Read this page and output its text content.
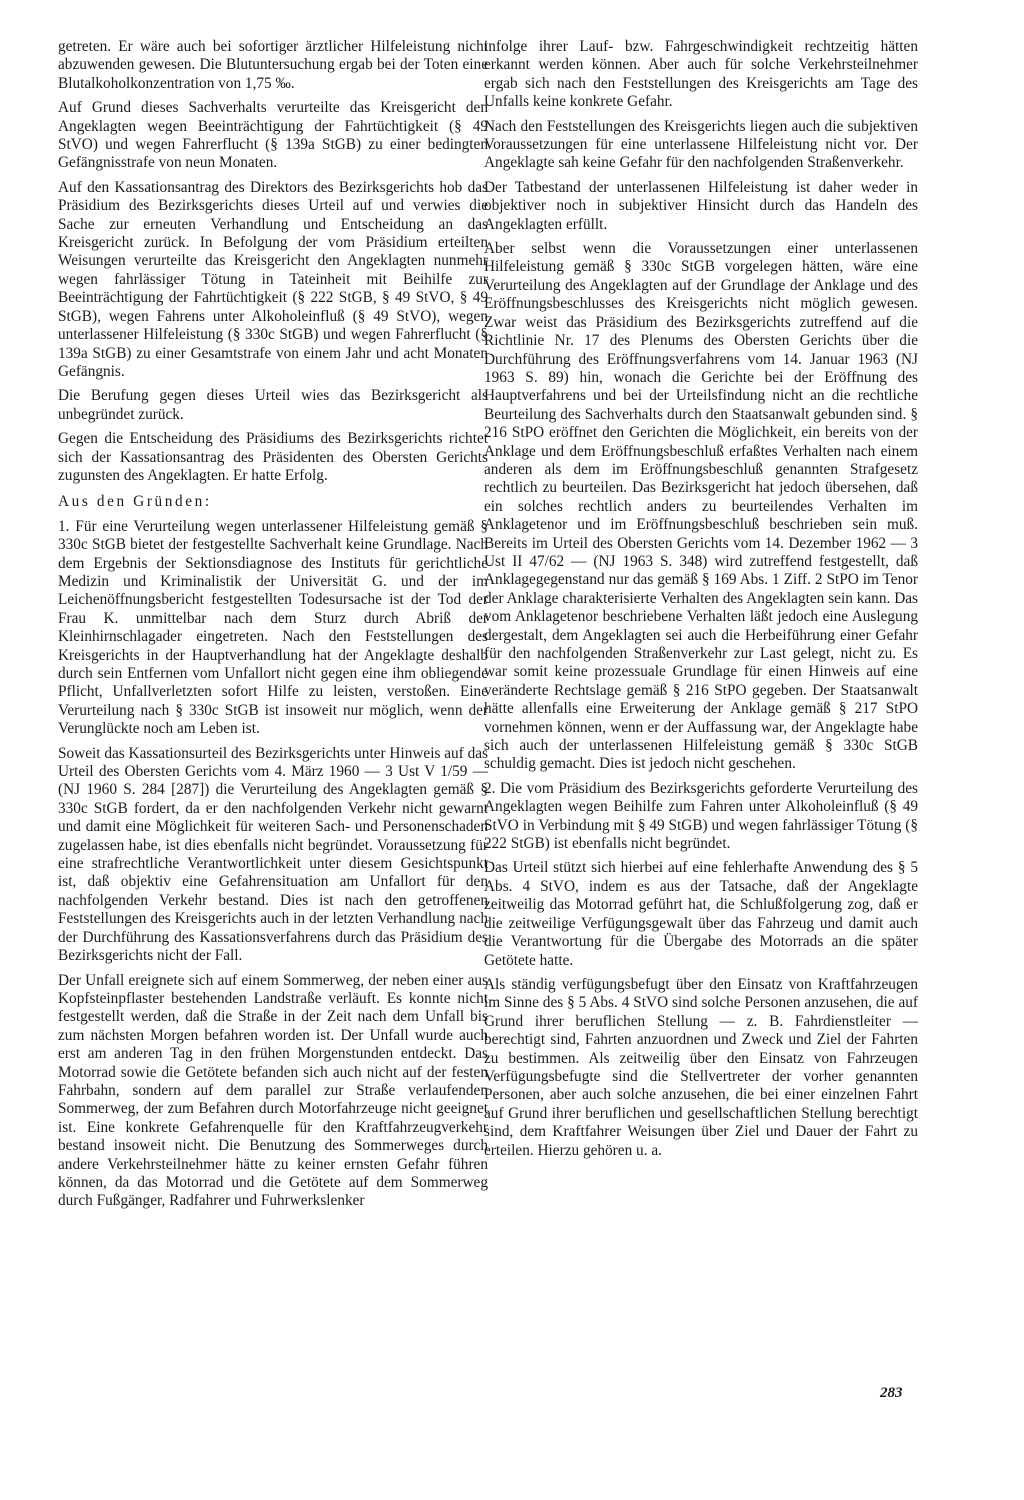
getreten. Er wäre auch bei sofortiger ärztlicher Hilfeleistung nicht abzuwenden gewesen. Die Blutuntersuchung ergab bei der Toten eine Blutalkoholkonzentration von 1,75 ‰.

Auf Grund dieses Sachverhalts verurteilte das Kreisgericht den Angeklagten wegen Beeinträchtigung der Fahrtüchtigkeit (§ 49 StVO) und wegen Fahrerflucht (§ 139a StGB) zu einer bedingten Gefängnisstrafe von neun Monaten.

Auf den Kassationsantrag des Direktors des Bezirksgerichts hob das Präsidium des Bezirksgerichts dieses Urteil auf und verwies die Sache zur erneuten Verhandlung und Entscheidung an das Kreisgericht zurück. In Befolgung der vom Präsidium erteilten Weisungen verurteilte das Kreisgericht den Angeklagten nunmehr wegen fahrlässiger Tötung in Tateinheit mit Beihilfe zur Beeinträchtigung der Fahrtüchtigkeit (§ 222 StGB, § 49 StVO, § 49 StGB), wegen Fahrens unter Alkoholeinfluß (§ 49 StVO), wegen unterlassener Hilfeleistung (§ 330c StGB) und wegen Fahrerflucht (§ 139a StGB) zu einer Gesamtstrafe von einem Jahr und acht Monaten Gefängnis.

Die Berufung gegen dieses Urteil wies das Bezirksgericht als unbegründet zurück.

Gegen die Entscheidung des Präsidiums des Bezirksgerichts richtet sich der Kassationsantrag des Präsidenten des Obersten Gerichts zugunsten des Angeklagten. Er hatte Erfolg.

Aus den Gründen:

1. Für eine Verurteilung wegen unterlassener Hilfeleistung gemäß § 330c StGB bietet der festgestellte Sachverhalt keine Grundlage. Nach dem Ergebnis der Sektionsdiagnose des Instituts für gerichtliche Medizin und Kriminalistik der Universität G. und der im Leichenöffnungsbericht festgestellten Todesursache ist der Tod der Frau K. unmittelbar nach dem Sturz durch Abriß der Kleinhirnschlagader eingetreten. Nach den Feststellungen des Kreisgerichts in der Hauptverhandlung hat der Angeklagte deshalb durch sein Entfernen vom Unfallort nicht gegen eine ihm obliegende Pflicht, Unfallverletzten sofort Hilfe zu leisten, verstoßen. Eine Verurteilung nach § 330c StGB ist insoweit nur möglich, wenn der Verunglückte noch am Leben ist.

Soweit das Kassationsurteil des Bezirksgerichts unter Hinweis auf das Urteil des Obersten Gerichts vom 4. März 1960 — 3 Ust V 1/59 — (NJ 1960 S. 284 [287]) die Verurteilung des Angeklagten gemäß § 330c StGB fordert, da er den nachfolgenden Verkehr nicht gewarnt und damit eine Möglichkeit für weiteren Sach- und Personenschaden zugelassen habe, ist dies ebenfalls nicht begründet. Voraussetzung für eine strafrechtliche Verantwortlichkeit unter diesem Gesichtspunkt ist, daß objektiv eine Gefahrensituation am Unfallort für den nachfolgenden Verkehr bestand. Dies ist nach den getroffenen Feststellungen des Kreisgerichts auch in der letzten Verhandlung nach der Durchführung des Kassationsverfahrens durch das Präsidium des Bezirksgerichts nicht der Fall.

Der Unfall ereignete sich auf einem Sommerweg, der neben einer aus Kopfsteinpflaster bestehenden Landstraße verläuft. Es konnte nicht festgestellt werden, daß die Straße in der Zeit nach dem Unfall bis zum nächsten Morgen befahren worden ist. Der Unfall wurde auch erst am anderen Tag in den frühen Morgenstunden entdeckt. Das Motorrad sowie die Getötete befanden sich auch nicht auf der festen Fahrbahn, sondern auf dem parallel zur Straße verlaufenden Sommerweg, der zum Befahren durch Motorfahrzeuge nicht geeignet ist. Eine konkrete Gefahrenquelle für den Kraftfahrzeugverkehr bestand insoweit nicht. Die Benutzung des Sommerweges durch andere Verkehrsteilnehmer hätte zu keiner ernsten Gefahr führen können, da das Motorrad und die Getötete auf dem Sommerweg durch Fußgänger, Radfahrer und Fuhrwerkslenker

infolge ihrer Lauf- bzw. Fahrgeschwindigkeit rechtzeitig hätten erkannt werden können. Aber auch für solche Verkehrsteilnehmer ergab sich nach den Feststellungen des Kreisgerichts am Tage des Unfalls keine konkrete Gefahr.

Nach den Feststellungen des Kreisgerichts liegen auch die subjektiven Voraussetzungen für eine unterlassene Hilfeleistung nicht vor. Der Angeklagte sah keine Gefahr für den nachfolgenden Straßenverkehr.

Der Tatbestand der unterlassenen Hilfeleistung ist daher weder in objektiver noch in subjektiver Hinsicht durch das Handeln des Angeklagten erfüllt.

Aber selbst wenn die Voraussetzungen einer unterlassenen Hilfeleistung gemäß § 330c StGB vorgelegen hätten, wäre eine Verurteilung des Angeklagten auf der Grundlage der Anklage und des Eröffnungsbeschlusses des Kreisgerichts nicht möglich gewesen. Zwar weist das Präsidium des Bezirksgerichts zutreffend auf die Richtlinie Nr. 17 des Plenums des Obersten Gerichts über die Durchführung des Eröffnungsverfahrens vom 14. Januar 1963 (NJ 1963 S. 89) hin, wonach die Gerichte bei der Eröffnung des Hauptverfahrens und bei der Urteilsfindung nicht an die rechtliche Beurteilung des Sachverhalts durch den Staatsanwalt gebunden sind. § 216 StPO eröffnet den Gerichten die Möglichkeit, ein bereits von der Anklage und dem Eröffnungsbeschluß erfaßtes Verhalten nach einem anderen als dem im Eröffnungsbeschluß genannten Strafgesetz rechtlich zu beurteilen. Das Bezirksgericht hat jedoch übersehen, daß ein solches rechtlich anders zu beurteilendes Verhalten im Anklagetenor und im Eröffnungsbeschluß beschrieben sein muß. Bereits im Urteil des Obersten Gerichts vom 14. Dezember 1962 — 3 Ust II 47/62 — (NJ 1963 S. 348) wird zutreffend festgestellt, daß Anklagegegenstand nur das gemäß § 169 Abs. 1 Ziff. 2 StPO im Tenor der Anklage charakterisierte Verhalten des Angeklagten sein kann. Das vom Anklagetenor beschriebene Verhalten läßt jedoch eine Auslegung dergestalt, dem Angeklagten sei auch die Herbeiführung einer Gefahr für den nachfolgenden Straßenverkehr zur Last gelegt, nicht zu. Es war somit keine prozessuale Grundlage für einen Hinweis auf eine veränderte Rechtslage gemäß § 216 StPO gegeben. Der Staatsanwalt hätte allenfalls eine Erweiterung der Anklage gemäß § 217 StPO vornehmen können, wenn er der Auffassung war, der Angeklagte habe sich auch der unterlassenen Hilfeleistung gemäß § 330c StGB schuldig gemacht. Dies ist jedoch nicht geschehen.

2. Die vom Präsidium des Bezirksgerichts geforderte Verurteilung des Angeklagten wegen Beihilfe zum Fahren unter Alkoholeinfluß (§ 49 StVO in Verbindung mit § 49 StGB) und wegen fahrlässiger Tötung (§ 222 StGB) ist ebenfalls nicht begründet.

Das Urteil stützt sich hierbei auf eine fehlerhafte Anwendung des § 5 Abs. 4 StVO, indem es aus der Tatsache, daß der Angeklagte zeitweilig das Motorrad geführt hat, die Schlußfolgerung zog, daß er die zeitweilige Verfügungsgewalt über das Fahrzeug und damit auch die Verantwortung für die Übergabe des Motorrads an die später Getötete hatte.

Als ständig verfügungsbefugt über den Einsatz von Kraftfahrzeugen im Sinne des § 5 Abs. 4 StVO sind solche Personen anzusehen, die auf Grund ihrer beruflichen Stellung — z. B. Fahrdienstleiter — berechtigt sind, Fahrten anzuordnen und Zweck und Ziel der Fahrten zu bestimmen. Als zeitweilig über den Einsatz von Fahrzeugen Verfügungsbefugte sind die Stellvertreter der vorher genannten Personen, aber auch solche anzusehen, die bei einer einzelnen Fahrt auf Grund ihrer beruflichen und gesellschaftlichen Stellung berechtigt sind, dem Kraftfahrer Weisungen über Ziel und Dauer der Fahrt zu erteilen. Hierzu gehören u. a.

283
